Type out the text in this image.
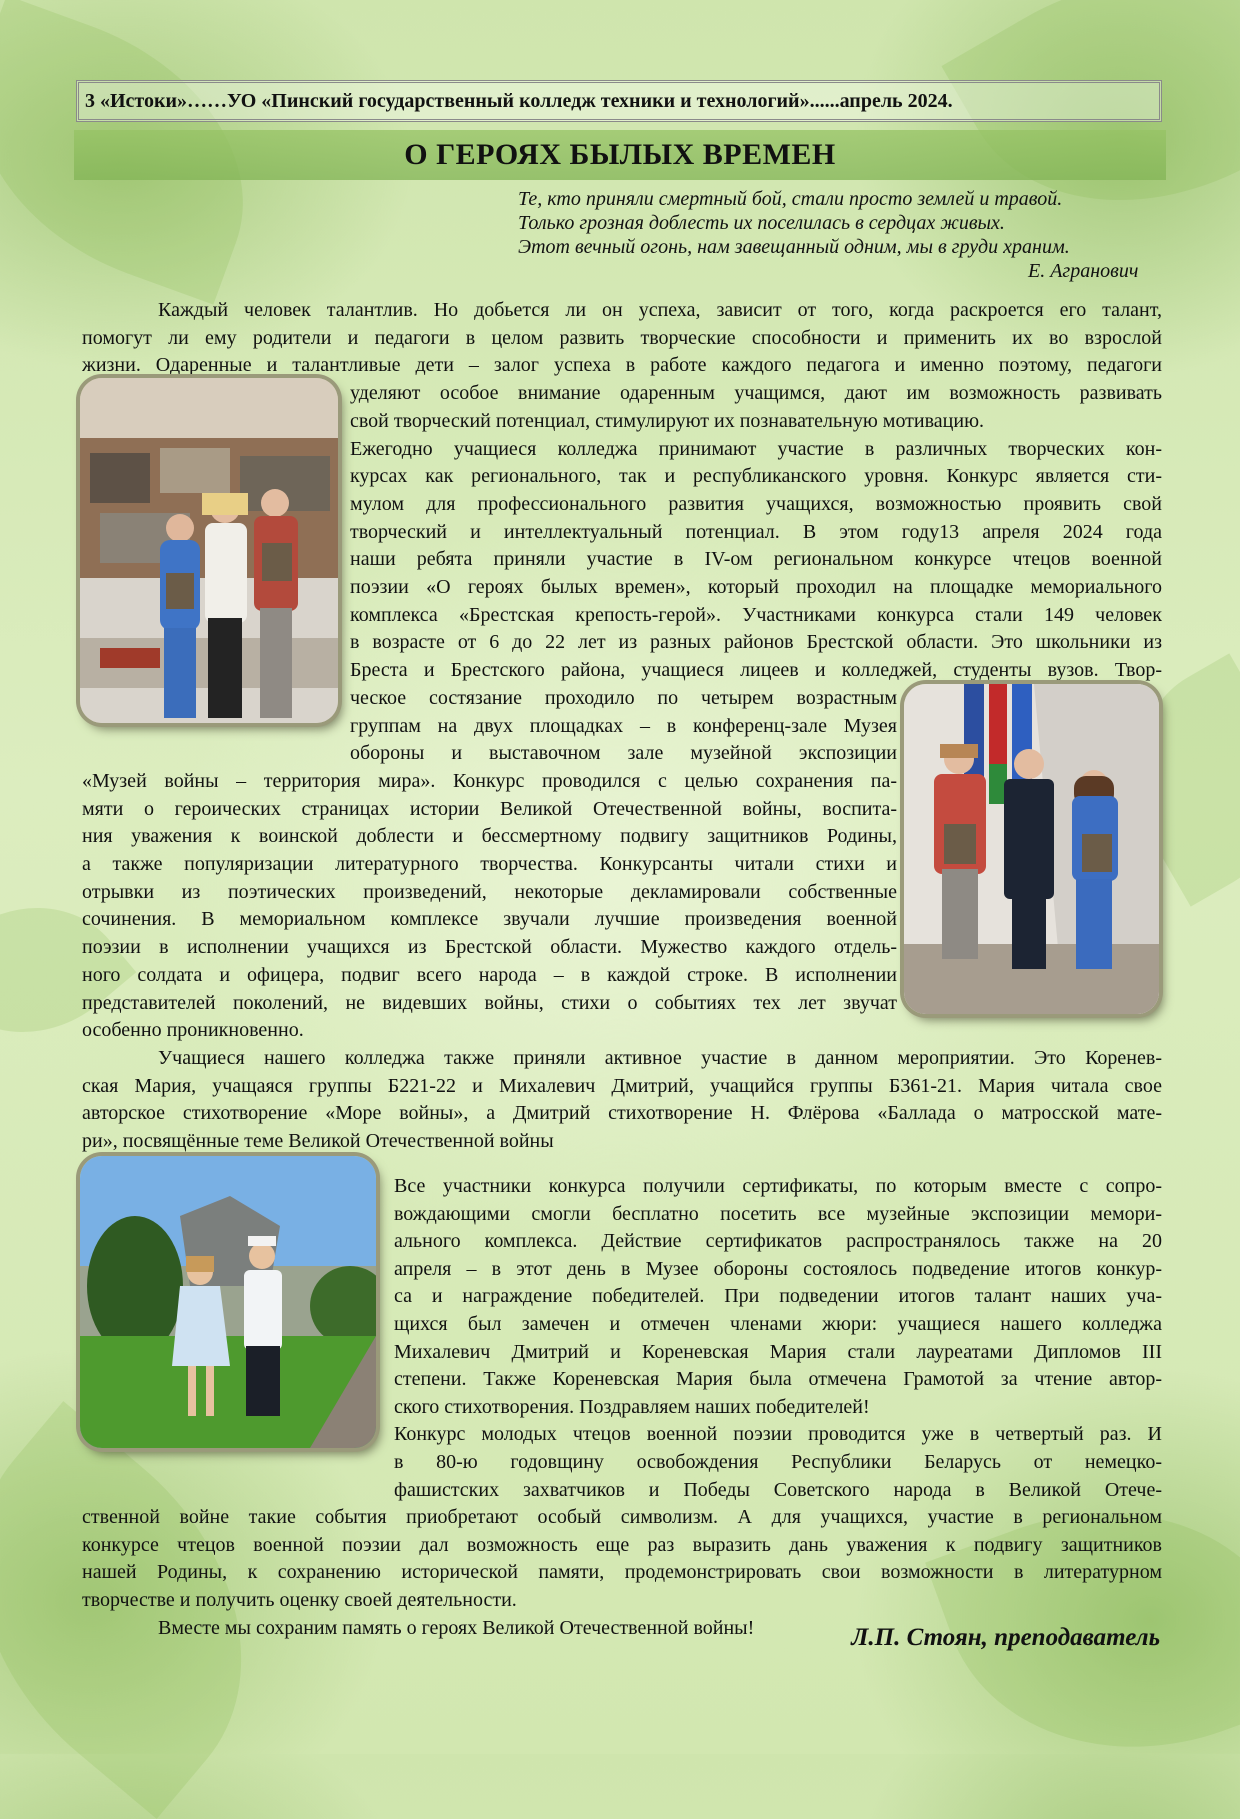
3 «Истоки»……УО «Пинский государственный колледж техники и технологий»......апрель 2024.
О ГЕРОЯХ БЫЛЫХ ВРЕМЕН
Те, кто приняли смертный бой, стали просто землей и травой.
Только грозная доблесть их поселилась в сердцах живых.
Этот вечный огонь, нам завещанный одним, мы в груди храним.
Е. Агранович
Каждый человек талантлив. Но добьется ли он успеха, зависит от того, когда раскроется его талант,
помогут ли ему родители и педагоги в целом развить творческие способности и применить их во взрослой
жизни. Одаренные и талантливые дети – залог успеха в работе каждого педагога и именно поэтому, педагоги
уделяют особое внимание одаренным учащимся, дают им возможность развивать
свой творческий потенциал, стимулируют их познавательную мотивацию.
Ежегодно учащиеся колледжа принимают участие в различных творческих кон-
курсах как регионального, так и республиканского уровня. Конкурс является сти-
мулом для профессионального развития учащихся, возможностью проявить свой
творческий и интеллектуальный потенциал. В этом году13 апреля 2024 года
наши ребята приняли участие в IV-ом региональном конкурсе чтецов военной
поэзии «О героях былых времен», который проходил на площадке мемориального
комплекса «Брестская крепость-герой». Участниками конкурса стали 149 человек
в возрасте от 6 до 22 лет из разных районов Брестской области. Это школьники из
Бреста и Брестского района, учащиеся лицеев и колледжей, студенты вузов. Твор-
ческое состязание проходило по четырем возрастным
группам на двух площадках – в конференц-зале Музея
обороны и выставочном зале музейной экспозиции
«Музей войны – территория мира». Конкурс проводился с целью сохранения па-
мяти о героических страницах истории Великой Отечественной войны, воспита-
ния уважения к воинской доблести и бессмертному подвигу защитников Родины,
а также популяризации литературного творчества. Конкурсанты читали стихи и
отрывки из поэтических произведений, некоторые декламировали собственные
сочинения. В мемориальном комплексе звучали лучшие произведения военной
поэзии в исполнении учащихся из Брестской области. Мужество каждого отдель-
ного солдата и офицера, подвиг всего народа – в каждой строке. В исполнении
представителей поколений, не видевших войны, стихи о событиях тех лет звучат
особенно проникновенно.
Учащиеся нашего колледжа также приняли активное участие в данном мероприятии. Это Коренев-
ская Мария, учащаяся группы Б221-22 и Михалевич Дмитрий, учащийся группы Б361-21. Мария читала свое
авторское стихотворение «Море войны», а Дмитрий стихотворение Н. Флёрова «Баллада о матросской мате-
ри», посвящённые теме Великой Отечественной войны
Все участники конкурса получили сертификаты, по которым вместе с сопро-
вождающими смогли бесплатно посетить все музейные экспозиции мемори-
ального комплекса. Действие сертификатов распространялось также на 20
апреля – в этот день в Музее обороны состоялось подведение итогов конкур-
са и награждение победителей. При подведении итогов талант наших уча-
щихся был замечен и отмечен членами жюри: учащиеся нашего колледжа
Михалевич Дмитрий и Кореневская Мария стали лауреатами Дипломов III
степени. Также Кореневская Мария была отмечена Грамотой за чтение автор-
ского стихотворения. Поздравляем наших победителей!
Конкурс молодых чтецов военной поэзии проводится уже в четвертый раз. И
в 80-ю годовщину освобождения Республики Беларусь от немецко-
фашистских захватчиков и Победы Советского народа в Великой Отече-
ственной войне такие события приобретают особый символизм. А для учащихся, участие в региональном
конкурсе чтецов военной поэзии дал возможность еще раз выразить дань уважения к подвигу защитников
нашей Родины, к сохранению исторической памяти, продемонстрировать свои возможности в литературном
творчестве и получить оценку своей деятельности.
Вместе мы сохраним память о героях Великой Отечественной войны!	Л.П. Стоян, преподаватель
